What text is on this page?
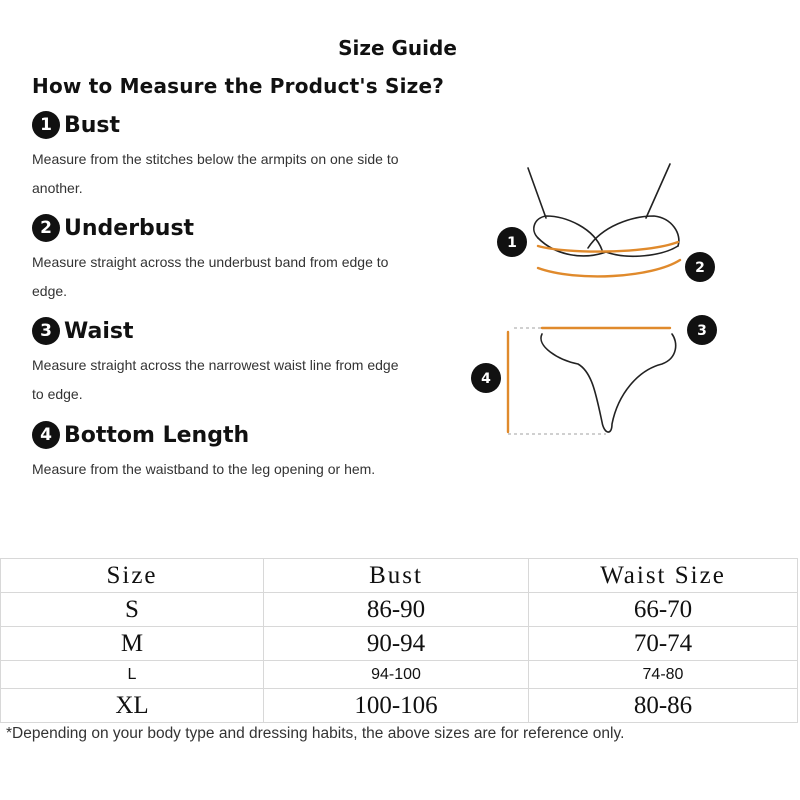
Size Guide
How to Measure the Product's Size?
1 Bust
Measure from the stitches below the armpits on one side to another.
2 Underbust
Measure straight across the underbust band from edge to edge.
3 Waist
Measure straight across the narrowest waist line from edge to edge.
4 Bottom Length
Measure from the waistband to the leg opening or hem.
1
2
3
4
Size	Bust	Waist Size
S	86-90	66-70
M	90-94	70-74
L	94-100	74-80
XL	100-106	80-86
*Depending on your body type and dressing habits, the above sizes are for reference only.
